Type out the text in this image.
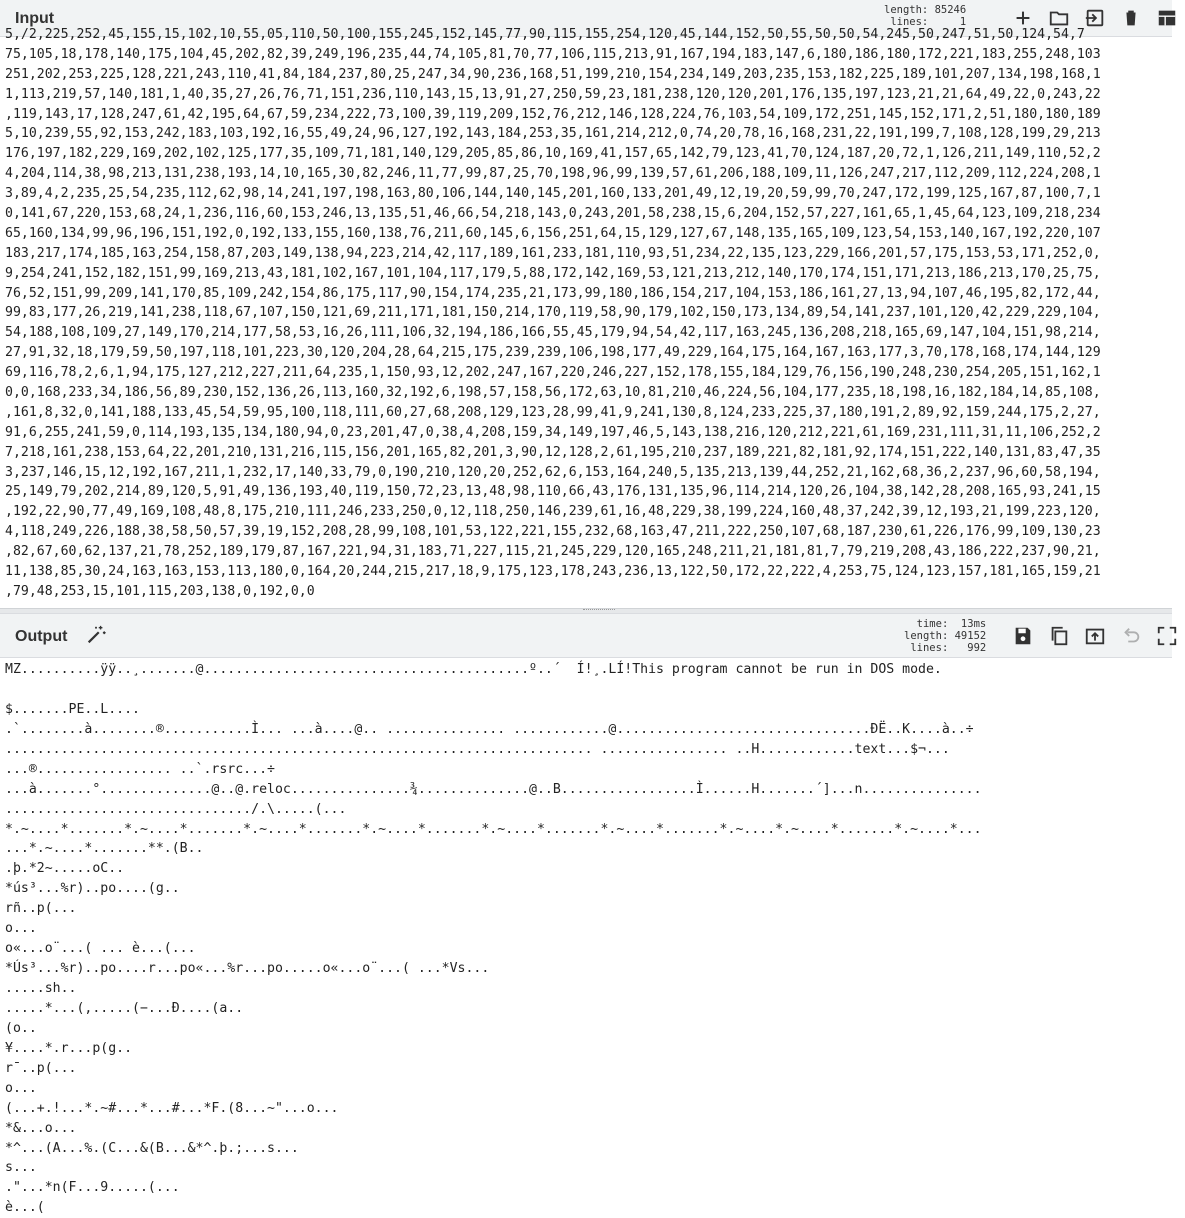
Input	length: 85246
lines:	1
5,/2,225,252,45,155,15,102,10,55,05,110,50,100,155,245,152,145,77,90,115,155,254,120,45,144,152,50,55,50,50,54,245,50,247,51,50,124,54,7
75,105,18,178,140,175,104,45,202,82,39,249,196,235,44,74,105,81,70,77,106,115,213,91,167,194,183,147,6,180,186,180,172,221,183,255,248,103
251,202,253,225,128,221,243,110,41,84,184,237,80,25,247,34,90,236,168,51,199,210,154,234,149,203,235,153,182,225,189,101,207,134,198,168,1
1,113,219,57,140,181,1,40,35,27,26,76,71,151,236,110,143,15,13,91,27,250,59,23,181,238,120,120,201,176,135,197,123,21,21,64,49,22,0,243,22
,119,143,17,128,247,61,42,195,64,67,59,234,222,73,100,39,119,209,152,76,212,146,128,224,76,103,54,109,172,251,145,152,171,2,51,180,180,189
5,10,239,55,92,153,242,183,103,192,16,55,49,24,96,127,192,143,184,253,35,161,214,212,0,74,20,78,16,168,231,22,191,199,7,108,128,199,29,213
176,197,182,229,169,202,102,125,177,35,109,71,181,140,129,205,85,86,10,169,41,157,65,142,79,123,41,70,124,187,20,72,1,126,211,149,110,52,2
4,204,114,38,98,213,131,238,193,14,10,165,30,82,246,11,77,99,87,25,70,198,96,99,139,57,61,206,188,109,11,126,247,217,112,209,112,224,208,1
3,89,4,2,235,25,54,235,112,62,98,14,241,197,198,163,80,106,144,140,145,201,160,133,201,49,12,19,20,59,99,70,247,172,199,125,167,87,100,7,1
0,141,67,220,153,68,24,1,236,116,60,153,246,13,135,51,46,66,54,218,143,0,243,201,58,238,15,6,204,152,57,227,161,65,1,45,64,123,109,218,234
65,160,134,99,96,196,151,192,0,192,133,155,160,138,76,211,60,145,6,156,251,64,15,129,127,67,148,135,165,109,123,54,153,140,167,192,220,107
183,217,174,185,163,254,158,87,203,149,138,94,223,214,42,117,189,161,233,181,110,93,51,234,22,135,123,229,166,201,57,175,153,53,171,252,0,
9,254,241,152,182,151,99,169,213,43,181,102,167,101,104,117,179,5,88,172,142,169,53,121,213,212,140,170,174,151,171,213,186,213,170,25,75,
76,52,151,99,209,141,170,85,109,242,154,86,175,117,90,154,174,235,21,173,99,180,186,154,217,104,153,186,161,27,13,94,107,46,195,82,172,44,
99,83,177,26,219,141,238,118,67,107,150,121,69,211,171,181,150,214,170,119,58,90,179,102,150,173,134,89,54,141,237,101,120,42,229,229,104,
54,188,108,109,27,149,170,214,177,58,53,16,26,111,106,32,194,186,166,55,45,179,94,54,42,117,163,245,136,208,218,165,69,147,104,151,98,214,
27,91,32,18,179,59,50,197,118,101,223,30,120,204,28,64,215,175,239,239,106,198,177,49,229,164,175,164,167,163,177,3,70,178,168,174,144,129
69,116,78,2,6,1,94,175,127,212,227,211,64,235,1,150,93,12,202,247,167,220,246,227,152,178,155,184,129,76,156,190,248,230,254,205,151,162,1
0,0,168,233,34,186,56,89,230,152,136,26,113,160,32,192,6,198,57,158,56,172,63,10,81,210,46,224,56,104,177,235,18,198,16,182,184,14,85,108,
,161,8,32,0,141,188,133,45,54,59,95,100,118,111,60,27,68,208,129,123,28,99,41,9,241,130,8,124,233,225,37,180,191,2,89,92,159,244,175,2,27,
91,6,255,241,59,0,114,193,135,134,180,94,0,23,201,47,0,38,4,208,159,34,149,197,46,5,143,138,216,120,212,221,61,169,231,111,31,11,106,252,2
7,218,161,238,153,64,22,201,210,131,216,115,156,201,165,82,201,3,90,12,128,2,61,195,210,237,189,221,82,181,92,174,151,222,140,131,83,47,35
3,237,146,15,12,192,167,211,1,232,17,140,33,79,0,190,210,120,20,252,62,6,153,164,240,5,135,213,139,44,252,21,162,68,36,2,237,96,60,58,194,
25,149,79,202,214,89,120,5,91,49,136,193,40,119,150,72,23,13,48,98,110,66,43,176,131,135,96,114,214,120,26,104,38,142,28,208,165,93,241,15
,192,22,90,77,49,169,108,48,8,175,210,111,246,233,250,0,12,118,250,146,239,61,16,48,229,38,199,224,160,48,37,242,39,12,193,21,199,223,120,
4,118,249,226,188,38,58,50,57,39,19,152,208,28,99,108,101,53,122,221,155,232,68,163,47,211,222,250,107,68,187,230,61,226,176,99,109,130,23
,82,67,60,62,137,21,78,252,189,179,87,167,221,94,31,183,71,227,115,21,245,229,120,165,248,211,21,181,81,7,79,219,208,43,186,222,237,90,21,
11,138,85,30,24,163,163,153,113,180,0,164,20,244,215,217,18,9,175,123,178,243,236,13,122,50,172,22,222,4,253,75,124,123,157,181,165,159,21
,79,48,253,15,101,115,203,138,0,192,0,0
Output
time: 13ms
length: 49152
lines: 992
MZ..........ÿÿ..¸.......@.........................................º..´  Í!¸.LÍ!This program cannot be run in DOS mode.
$.......PE..L....
.`........à........®...........Ì... ...à....@.. ............... ............@................................ÐË..K....à..÷
.......................................................................... ................ ..H............text...$¬...
...®................. ..`.rsrc...÷
...à.......°..............@..@.reloc...............¾..............@..B.................Ì......H.......´]...n...............
.............................../.\.....(...
*.~....*.......*.~....*.......*.~....*.......*.~....*.......*.~....*.......*.~....*.......*.~....*.~....*.......*.~....*...
...*.~....*.......**.(B..
.þ.*2~.....oC..
*ús³...%r)..po....(g..
rñ..p(...
o...
o«...o¨...( ... è...(...
*Ús³...%r)..po....r...po«...%r...po.....o«...o¨...( ...*Vs...
.....sh..
.....*...(,.....(−...Ð....(a..
(o..
¥....*.r...p(g..
r¯..p(...
o...
(...+.!...*.~#...*...#...*F.(8...~"...o...
*&...o...
*^...(A...%.(C...&(B...&*^.þ.;...s...
s...
."...*n(F...9.....(...
è...(
